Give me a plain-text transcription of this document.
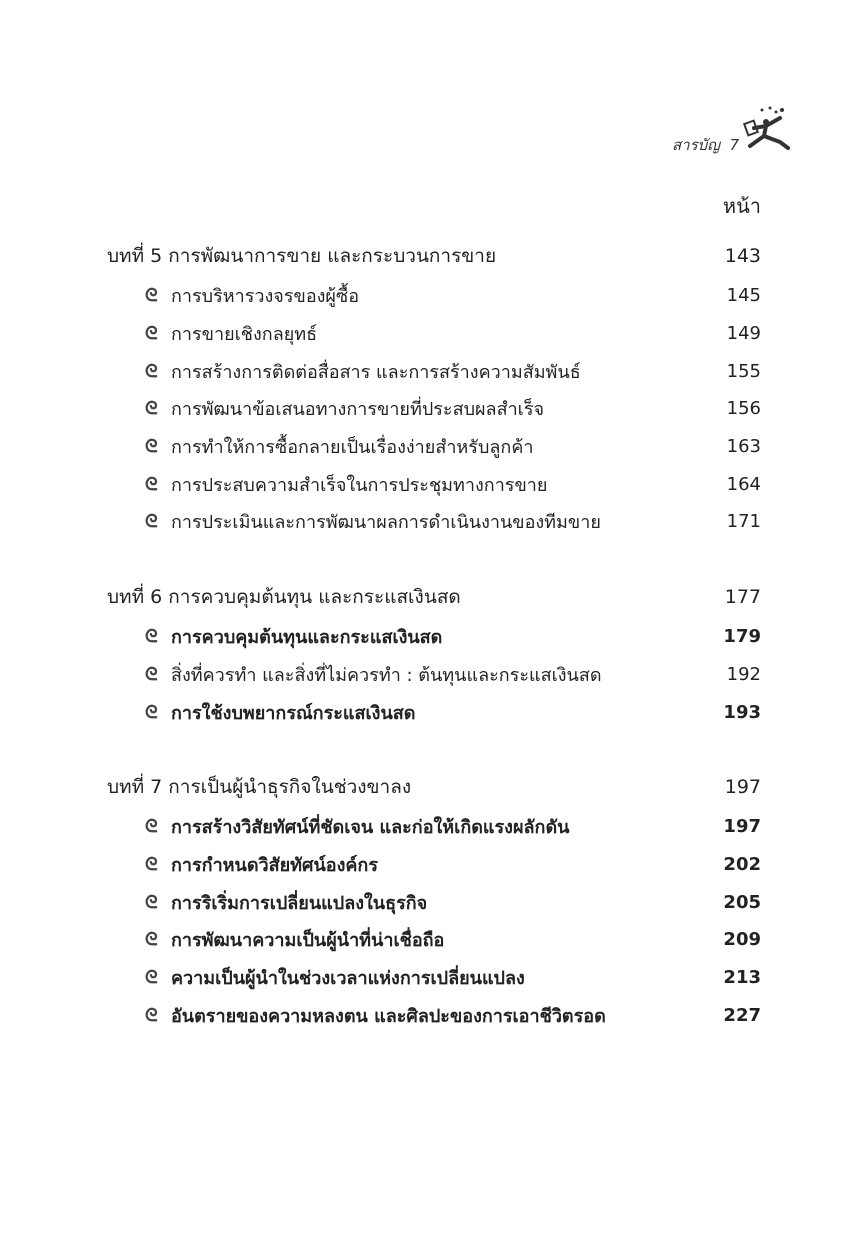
สารบัญ 7
หน้า
บทที่ 5 การพัฒนาการขาย และกระบวนการขาย	143
ᘓ การบริหารวงจรของผู้ซื้อ	145
ᘓ การขายเชิงกลยุทธ์	149
ᘓ การสร้างการติดต่อสื่อสาร และการสร้างความสัมพันธ์	155
ᘓ การพัฒนาข้อเสนอทางการขายที่ประสบผลสำเร็จ	156
ᘓ การทำให้การซื้อกลายเป็นเรื่องง่ายสำหรับลูกค้า	163
ᘓ การประสบความสำเร็จในการประชุมทางการขาย	164
ᘓ การประเมินและการพัฒนาผลการดำเนินงานของทีมขาย	171
บทที่ 6 การควบคุมต้นทุน และกระแสเงินสด	177
ᘓ การควบคุมต้นทุนและกระแสเงินสด	179
ᘓ สิ่งที่ควรทำ และสิ่งที่ไม่ควรทำ : ต้นทุนและกระแสเงินสด	192
ᘓ การใช้งบพยากรณ์กระแสเงินสด	193
บทที่ 7 การเป็นผู้นำธุรกิจในช่วงขาลง	197
ᘓ การสร้างวิสัยทัศน์ที่ชัดเจน และก่อให้เกิดแรงผลักดัน	197
ᘓ การกำหนดวิสัยทัศน์องค์กร	202
ᘓ การริเริ่มการเปลี่ยนแปลงในธุรกิจ	205
ᘓ การพัฒนาความเป็นผู้นำที่น่าเชื่อถือ	209
ᘓ ความเป็นผู้นำในช่วงเวลาแห่งการเปลี่ยนแปลง	213
ᘓ อันตรายของความหลงตน และศิลปะของการเอาชีวิตรอด	227
